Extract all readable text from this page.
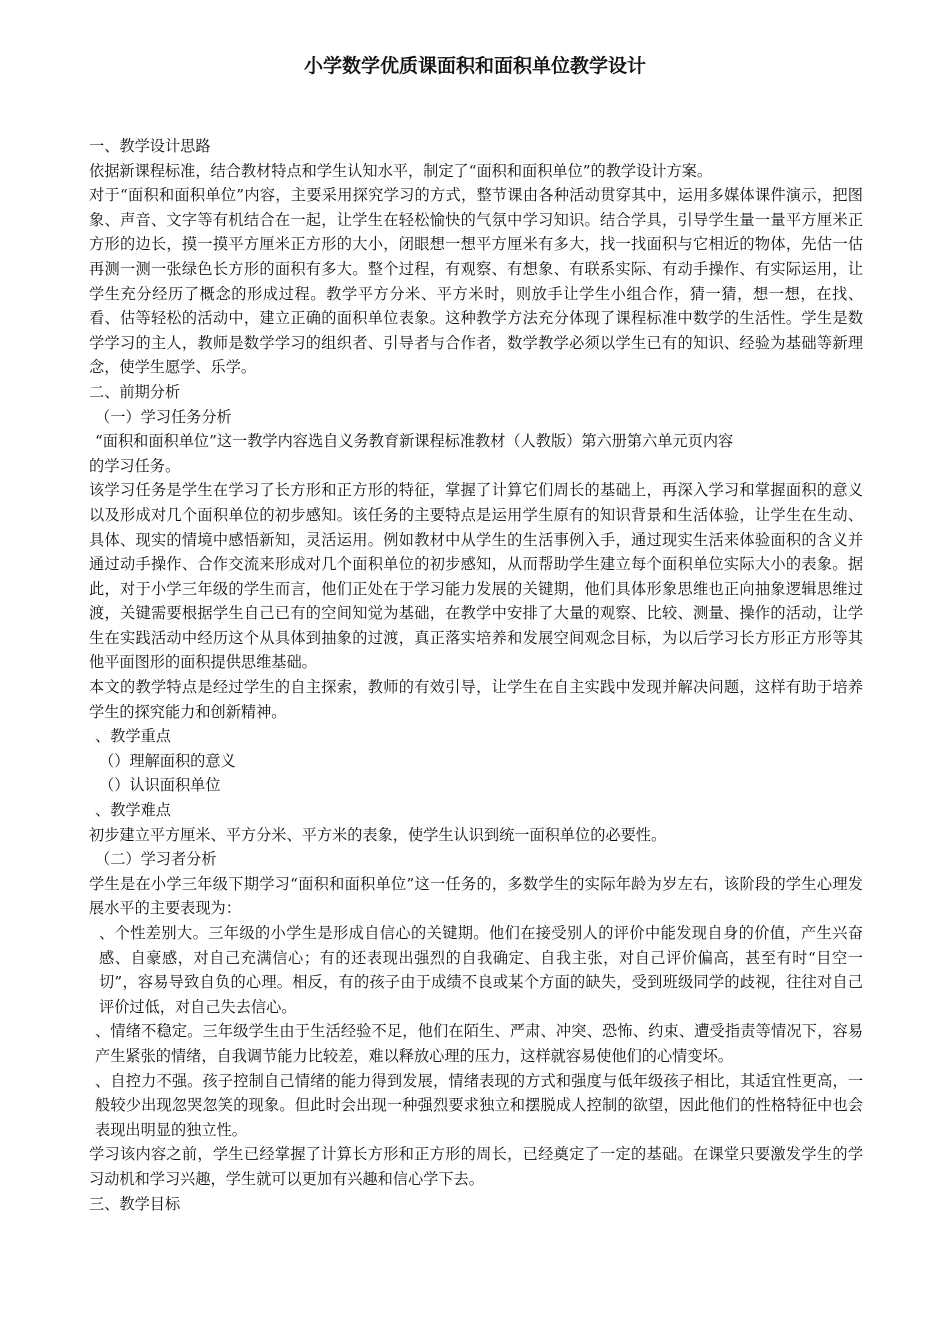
小学数学优质课面积和面积单位教学设计

一、教学设计思路

依据新课程标准，结合教材特点和学生认知水平，制定了“面积和面积单位”的教学设计方案。

对于“面积和面积单位”内容，主要采用探究学习的方式，整节课由各种活动贯穿其中，运用多媒体课件演示，把图象、声音、文字等有机结合在一起，让学生在轻松愉快的气氛中学习知识。结合学具，引导学生量一量平方厘米正方形的边长，摸一摸平方厘米正方形的大小，闭眼想一想平方厘米有多大，找一找面积与它相近的物体，先估一估再测一测一张绿色长方形的面积有多大。整个过程，有观察、有想象、有联系实际、有动手操作、有实际运用，让学生充分经历了概念的形成过程。教学平方分米、平方米时，则放手让学生小组合作，猜一猜，想一想，在找、看、估等轻松的活动中，建立正确的面积单位表象。这种教学方法充分体现了课程标准中数学的生活性。学生是数学学习的主人，教师是数学学习的组织者、引导者与合作者，数学教学必须以学生已有的知识、经验为基础等新理念，使学生愿学、乐学。

二、前期分析

（一）学习任务分析

“面积和面积单位”这一教学内容选自义务教育新课程标准教材（人教版）第六册第六单元页内容

的学习任务。

该学习任务是学生在学习了长方形和正方形的特征，掌握了计算它们周长的基础上，再深入学习和掌握面积的意义以及形成对几个面积单位的初步感知。该任务的主要特点是运用学生原有的知识背景和生活体验，让学生在生动、具体、现实的情境中感悟新知，灵活运用。例如教材中从学生的生活事例入手，通过现实生活来体验面积的含义并通过动手操作、合作交流来形成对几个面积单位的初步感知，从而帮助学生建立每个面积单位实际大小的表象。据此，对于小学三年级的学生而言，他们正处在于学习能力发展的关键期，他们具体形象思维也正向抽象逻辑思维过渡，关键需要根据学生自己已有的空间知觉为基础，在教学中安排了大量的观察、比较、测量、操作的活动，让学生在实践活动中经历这个从具体到抽象的过渡，真正落实培养和发展空间观念目标，为以后学习长方形正方形等其他平面图形的面积提供思维基础。

本文的教学特点是经过学生的自主探索，教师的有效引导，让学生在自主实践中发现并解决问题，这样有助于培养学生的探究能力和创新精神。

、教学重点

（）理解面积的意义

（）认识面积单位

、教学难点

初步建立平方厘米、平方分米、平方米的表象，使学生认识到统一面积单位的必要性。

（二）学习者分析

学生是在小学三年级下期学习“面积和面积单位”这一任务的，多数学生的实际年龄为岁左右，该阶段的学生心理发展水平的主要表现为：

、个性差别大。三年级的小学生是形成自信心的关键期。他们在接受别人的评价中能发现自身的价值，产生兴奋感、自豪感，对自己充满信心；有的还表现出强烈的自我确定、自我主张，对自己评价偏高，甚至有时“目空一切”，容易导致自负的心理。相反，有的孩子由于成绩不良或某个方面的缺失，受到班级同学的歧视，往往对自己评价过低，对自己失去信心。

、情绪不稳定。三年级学生由于生活经验不足，他们在陌生、严肃、冲突、恐怖、约束、遭受指责等情况下，容易产生紧张的情绪，自我调节能力比较差，难以释放心理的压力，这样就容易使他们的心情变坏。

、自控力不强。孩子控制自己情绪的能力得到发展，情绪表现的方式和强度与低年级孩子相比，其适宜性更高，一般较少出现忽哭忽笑的现象。但此时会出现一种强烈要求独立和摆脱成人控制的欲望，因此他们的性格特征中也会表现出明显的独立性。

学习该内容之前，学生已经掌握了计算长方形和正方形的周长，已经奠定了一定的基础。在课堂只要激发学生的学习动机和学习兴趣，学生就可以更加有兴趣和信心学下去。

三、教学目标
